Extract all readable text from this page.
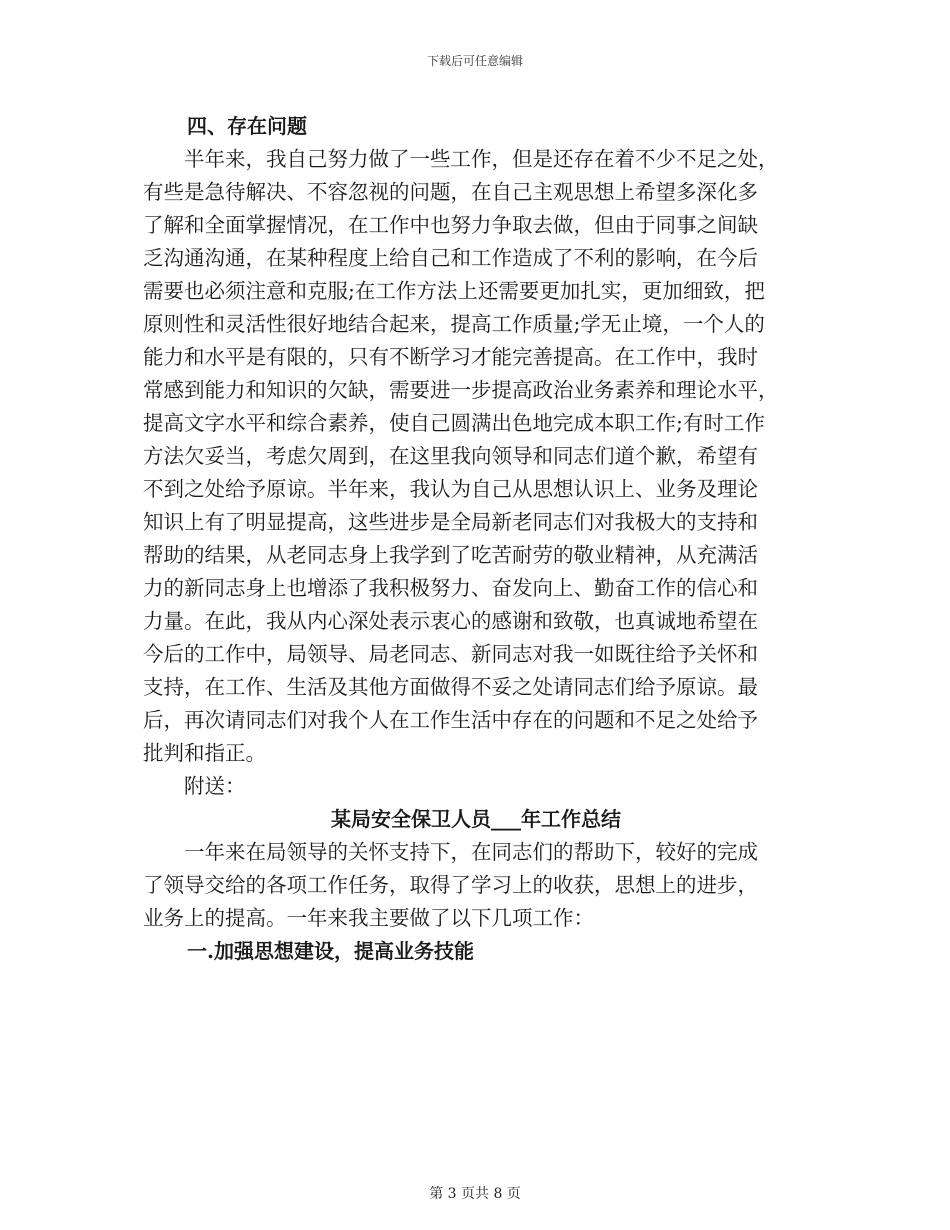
下载后可任意编辑
四、存在问题
半年来，我自己努力做了一些工作，但是还存在着不少不足之处，
有些是急待解决、不容忽视的问题，在自己主观思想上希望多深化多
了解和全面掌握情况，在工作中也努力争取去做，但由于同事之间缺
乏沟通沟通，在某种程度上给自己和工作造成了不利的影响，在今后
需要也必须注意和克服;在工作方法上还需要更加扎实，更加细致，把
原则性和灵活性很好地结合起来，提高工作质量;学无止境，一个人的
能力和水平是有限的，只有不断学习才能完善提高。在工作中，我时
常感到能力和知识的欠缺，需要进一步提高政治业务素养和理论水平，
提高文字水平和综合素养，使自己圆满出色地完成本职工作;有时工作
方法欠妥当，考虑欠周到，在这里我向领导和同志们道个歉，希望有
不到之处给予原谅。半年来，我认为自己从思想认识上、业务及理论
知识上有了明显提高，这些进步是全局新老同志们对我极大的支持和
帮助的结果，从老同志身上我学到了吃苦耐劳的敬业精神，从充满活
力的新同志身上也增添了我积极努力、奋发向上、勤奋工作的信心和
力量。在此，我从内心深处表示衷心的感谢和致敬，也真诚地希望在
今后的工作中，局领导、局老同志、新同志对我一如既往给予关怀和
支持，在工作、生活及其他方面做得不妥之处请同志们给予原谅。最
后，再次请同志们对我个人在工作生活中存在的问题和不足之处给予
批判和指正。
附送：
某局安全保卫人员___年工作总结
一年来在局领导的关怀支持下，在同志们的帮助下，较好的完成
了领导交给的各项工作任务，取得了学习上的收获，思想上的进步，
业务上的提高。一年来我主要做了以下几项工作：
一.加强思想建设，提高业务技能
第 3 页共 8 页
